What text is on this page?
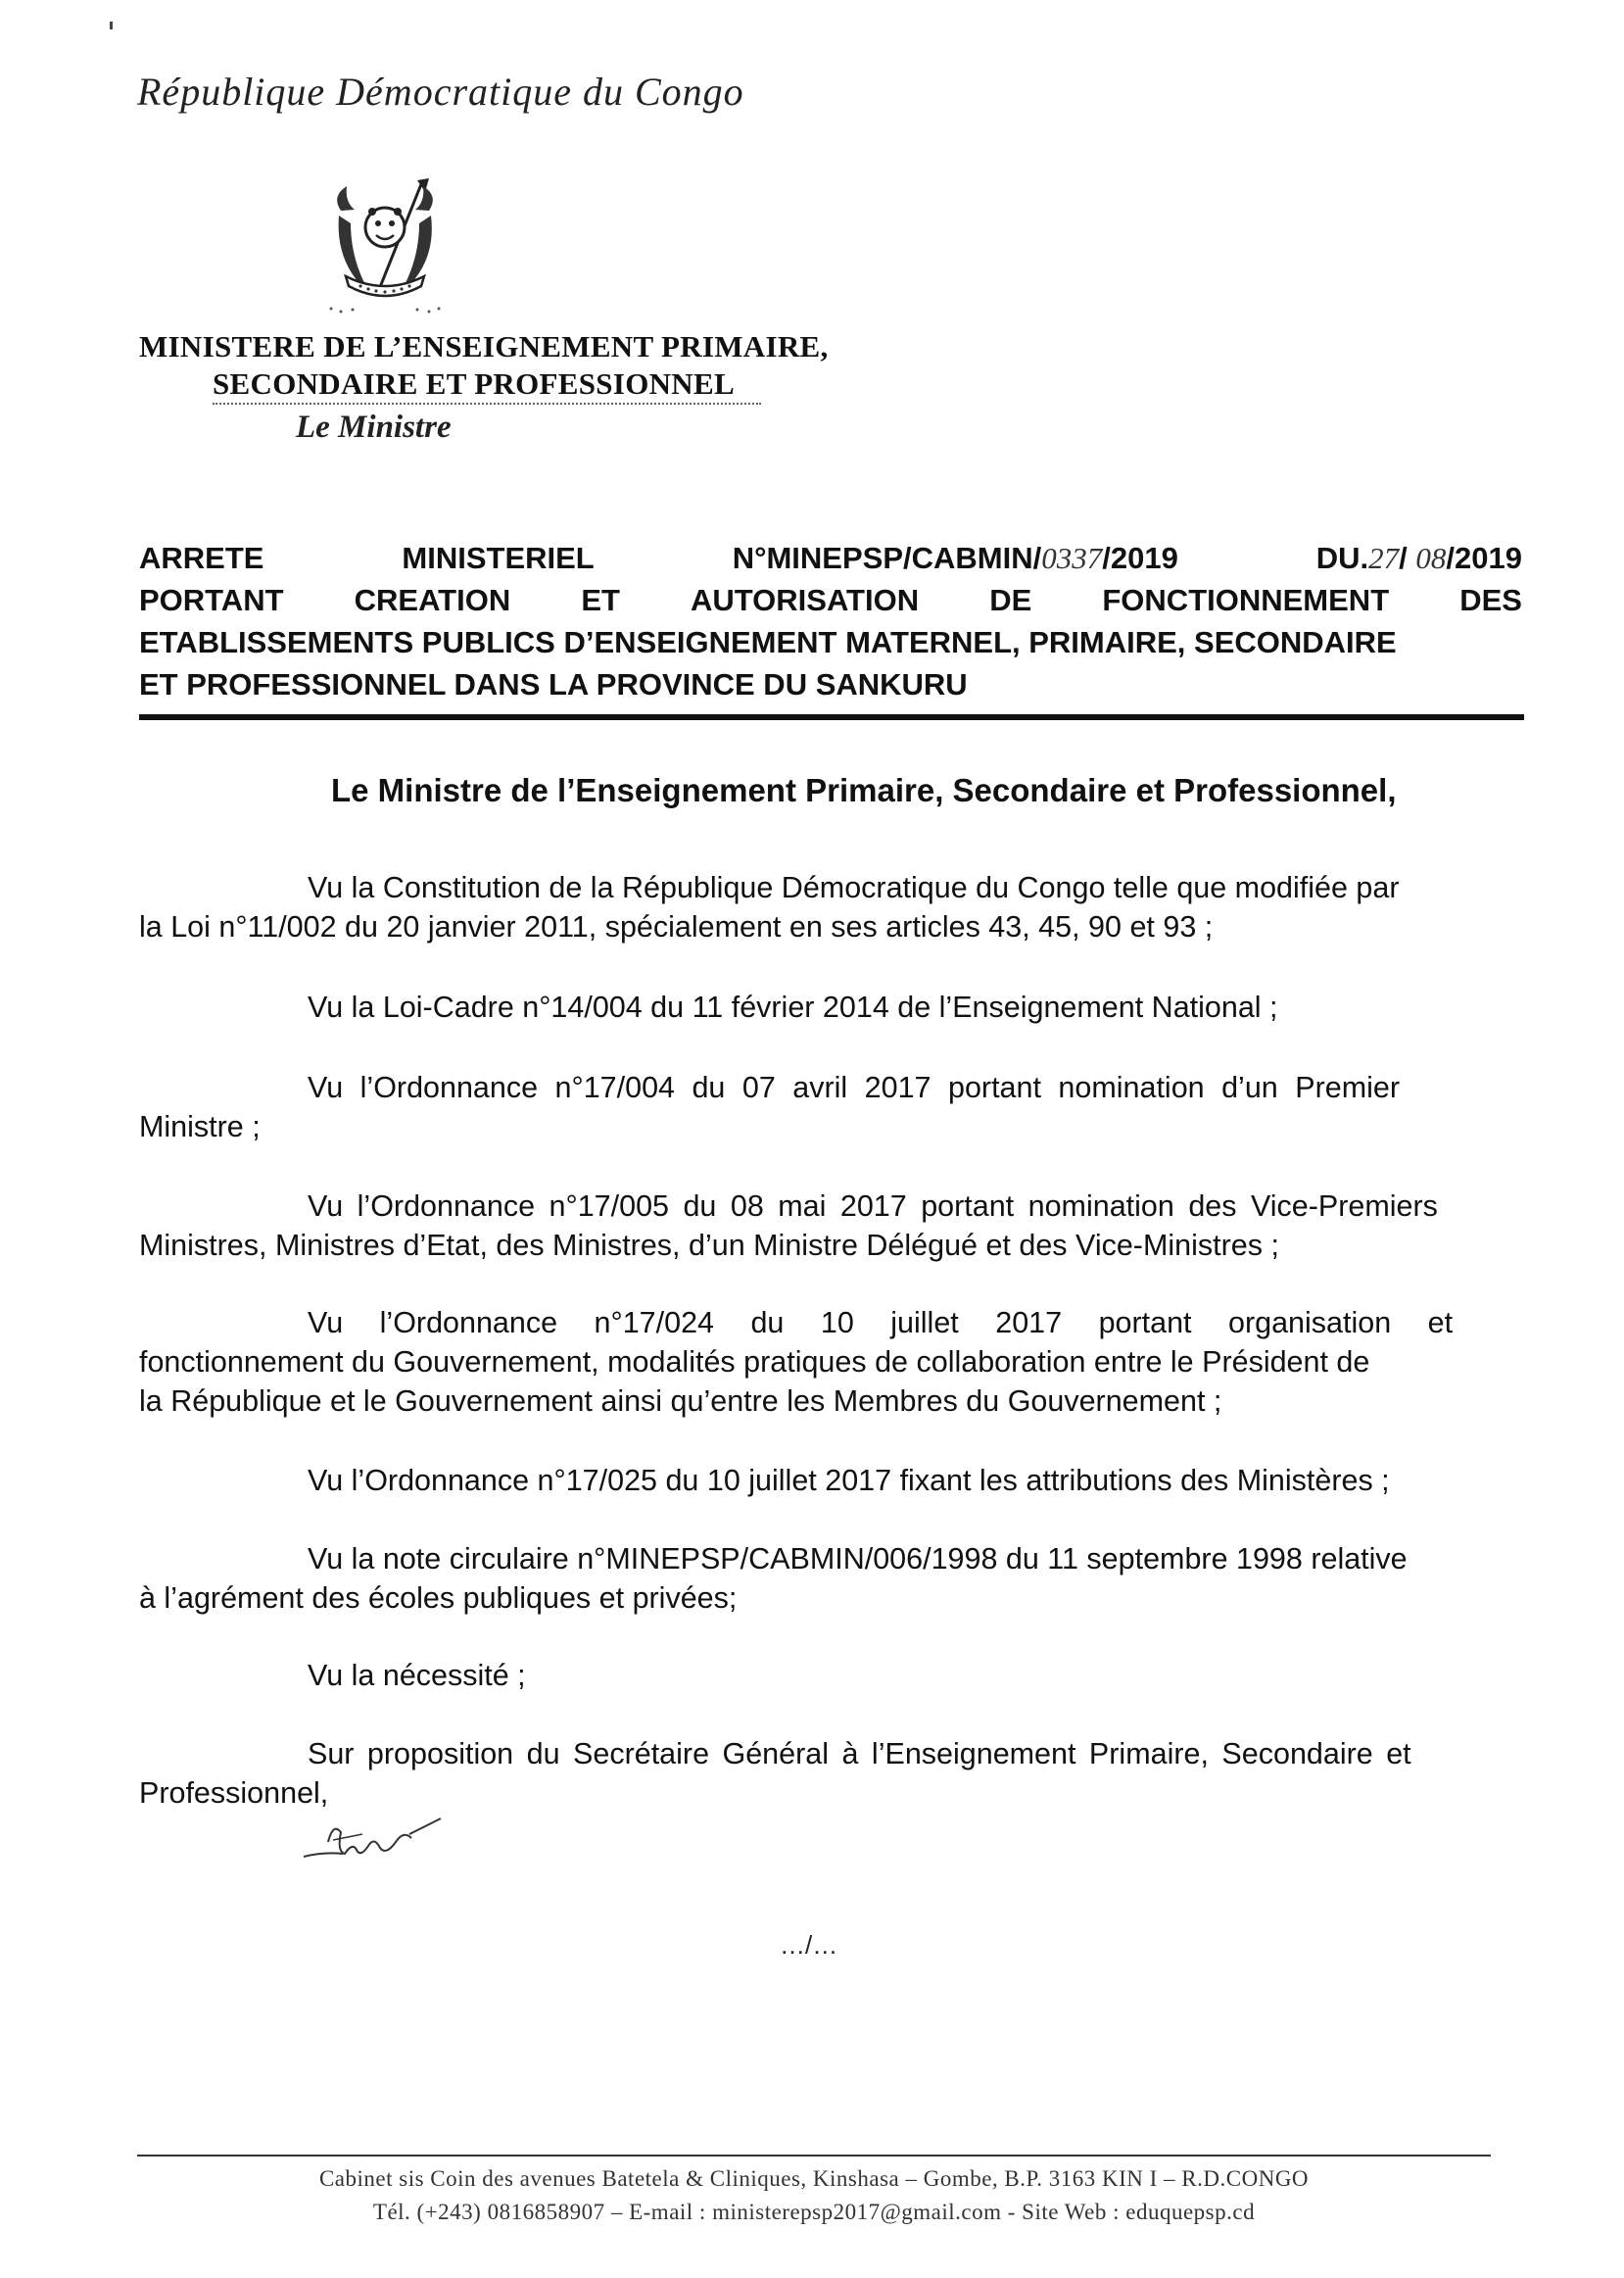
République Démocratique du Congo
MINISTERE DE L’ENSEIGNEMENT PRIMAIRE,
SECONDAIRE ET PROFESSIONNEL
Le Ministre
ARRETE	MINISTERIEL	N°MINEPSP/CABMIN/0337/2019	DU.27/ 08/2019
PORTANT CREATION ET AUTORISATION DE FONCTIONNEMENT DES
ETABLISSEMENTS PUBLICS D’ENSEIGNEMENT MATERNEL, PRIMAIRE, SECONDAIRE
ET PROFESSIONNEL DANS LA PROVINCE DU SANKURU
Le Ministre de l’Enseignement Primaire, Secondaire et Professionnel,
Vu la Constitution de la République Démocratique du Congo telle que modifiée par
la Loi n°11/002 du 20 janvier 2011, spécialement en ses articles 43, 45, 90 et 93 ;
Vu la Loi-Cadre n°14/004 du 11 février 2014 de l’Enseignement National ;
Vu l’Ordonnance n°17/004 du 07 avril 2017 portant nomination d’un Premier
Ministre ;
Vu l’Ordonnance n°17/005 du 08 mai 2017 portant nomination des Vice-Premiers
Ministres, Ministres d’Etat, des Ministres, d’un Ministre Délégué et des Vice-Ministres ;
Vu l’Ordonnance n°17/024 du 10 juillet 2017 portant organisation et
fonctionnement du Gouvernement, modalités pratiques de collaboration entre le Président de
la République et le Gouvernement ainsi qu’entre les Membres du Gouvernement ;
Vu l’Ordonnance n°17/025 du 10 juillet 2017 fixant les attributions des Ministères ;
Vu la note circulaire n°MINEPSP/CABMIN/006/1998 du 11 septembre 1998 relative
à l’agrément des écoles publiques et privées;
Vu la nécessité ;
Sur proposition du Secrétaire Général à l’Enseignement Primaire, Secondaire et
Professionnel,
…/…
Cabinet sis Coin des avenues Batetela & Cliniques, Kinshasa – Gombe, B.P. 3163 KIN I – R.D.CONGO
Tél. (+243) 0816858907 – E-mail : ministerepsp2017@gmail.com - Site Web : eduquepsp.cd
